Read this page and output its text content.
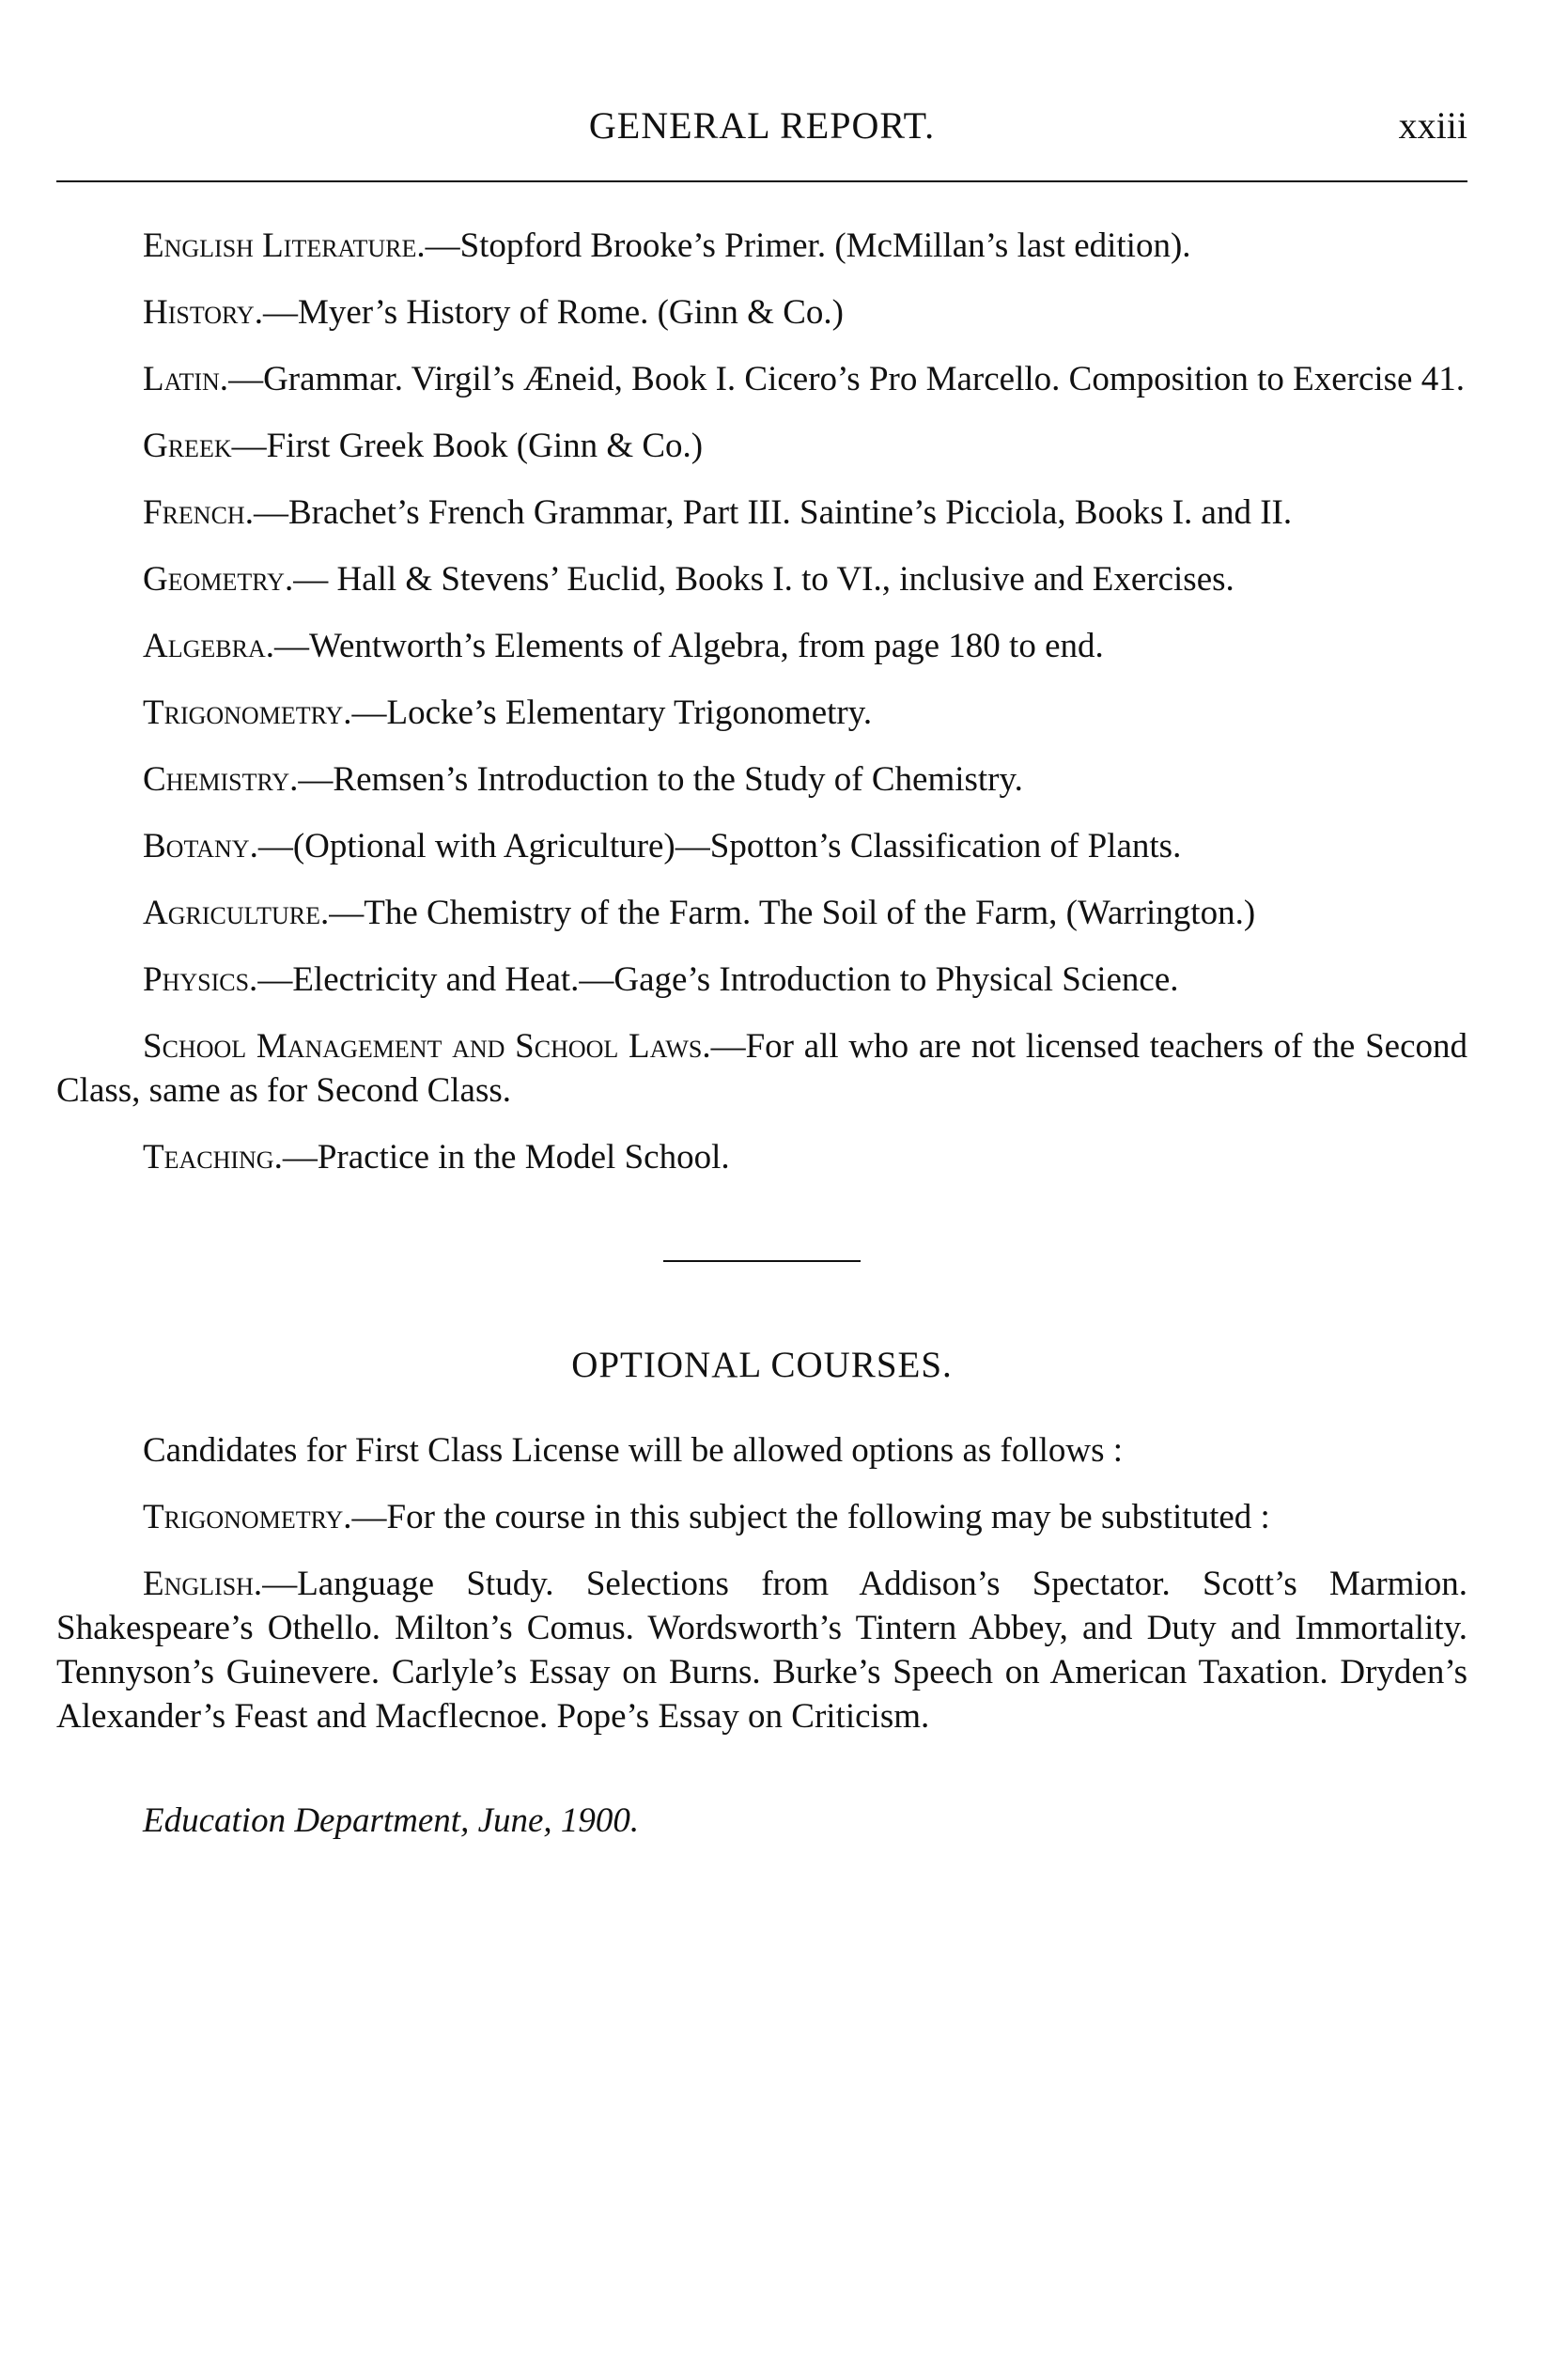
GENERAL REPORT.	xxiii

English Literature.—Stopford Brooke’s Primer. (McMillan’s last edition).

History.—Myer’s History of Rome. (Ginn & Co.)

Latin.—Grammar. Virgil’s Æneid, Book I. Cicero’s Pro Marcello. Composition to Exercise 41.

Greek—First Greek Book (Ginn & Co.)

French.—Brachet’s French Grammar, Part III. Saintine’s Picciola, Books I. and II.

Geometry.— Hall & Stevens’ Euclid, Books I. to VI., inclusive and Exercises.

Algebra.—Wentworth’s Elements of Algebra, from page 180 to end.

Trigonometry.—Locke’s Elementary Trigonometry.

Chemistry.—Remsen’s Introduction to the Study of Chemistry.

Botany.—(Optional with Agriculture)—Spotton’s Classification of Plants.

Agriculture.—The Chemistry of the Farm. The Soil of the Farm, (Warrington.)

Physics.—Electricity and Heat.—Gage’s Introduction to Physical Science.

School Management and School Laws.—For all who are not licensed teachers of the Second Class, same as for Second Class.

Teaching.—Practice in the Model School.

OPTIONAL COURSES.

Candidates for First Class License will be allowed options as follows :

Trigonometry.—For the course in this subject the following may be substituted :

English.—Language Study. Selections from Addison’s Spectator. Scott’s Marmion. Shakespeare’s Othello. Milton’s Comus. Wordsworth’s Tintern Abbey, and Duty and Immortality. Tennyson’s Guinevere. Carlyle’s Essay on Burns. Burke’s Speech on American Taxation. Dryden’s Alexander’s Feast and Macflecnoe. Pope’s Essay on Criticism.

Education Department, June, 1900.
